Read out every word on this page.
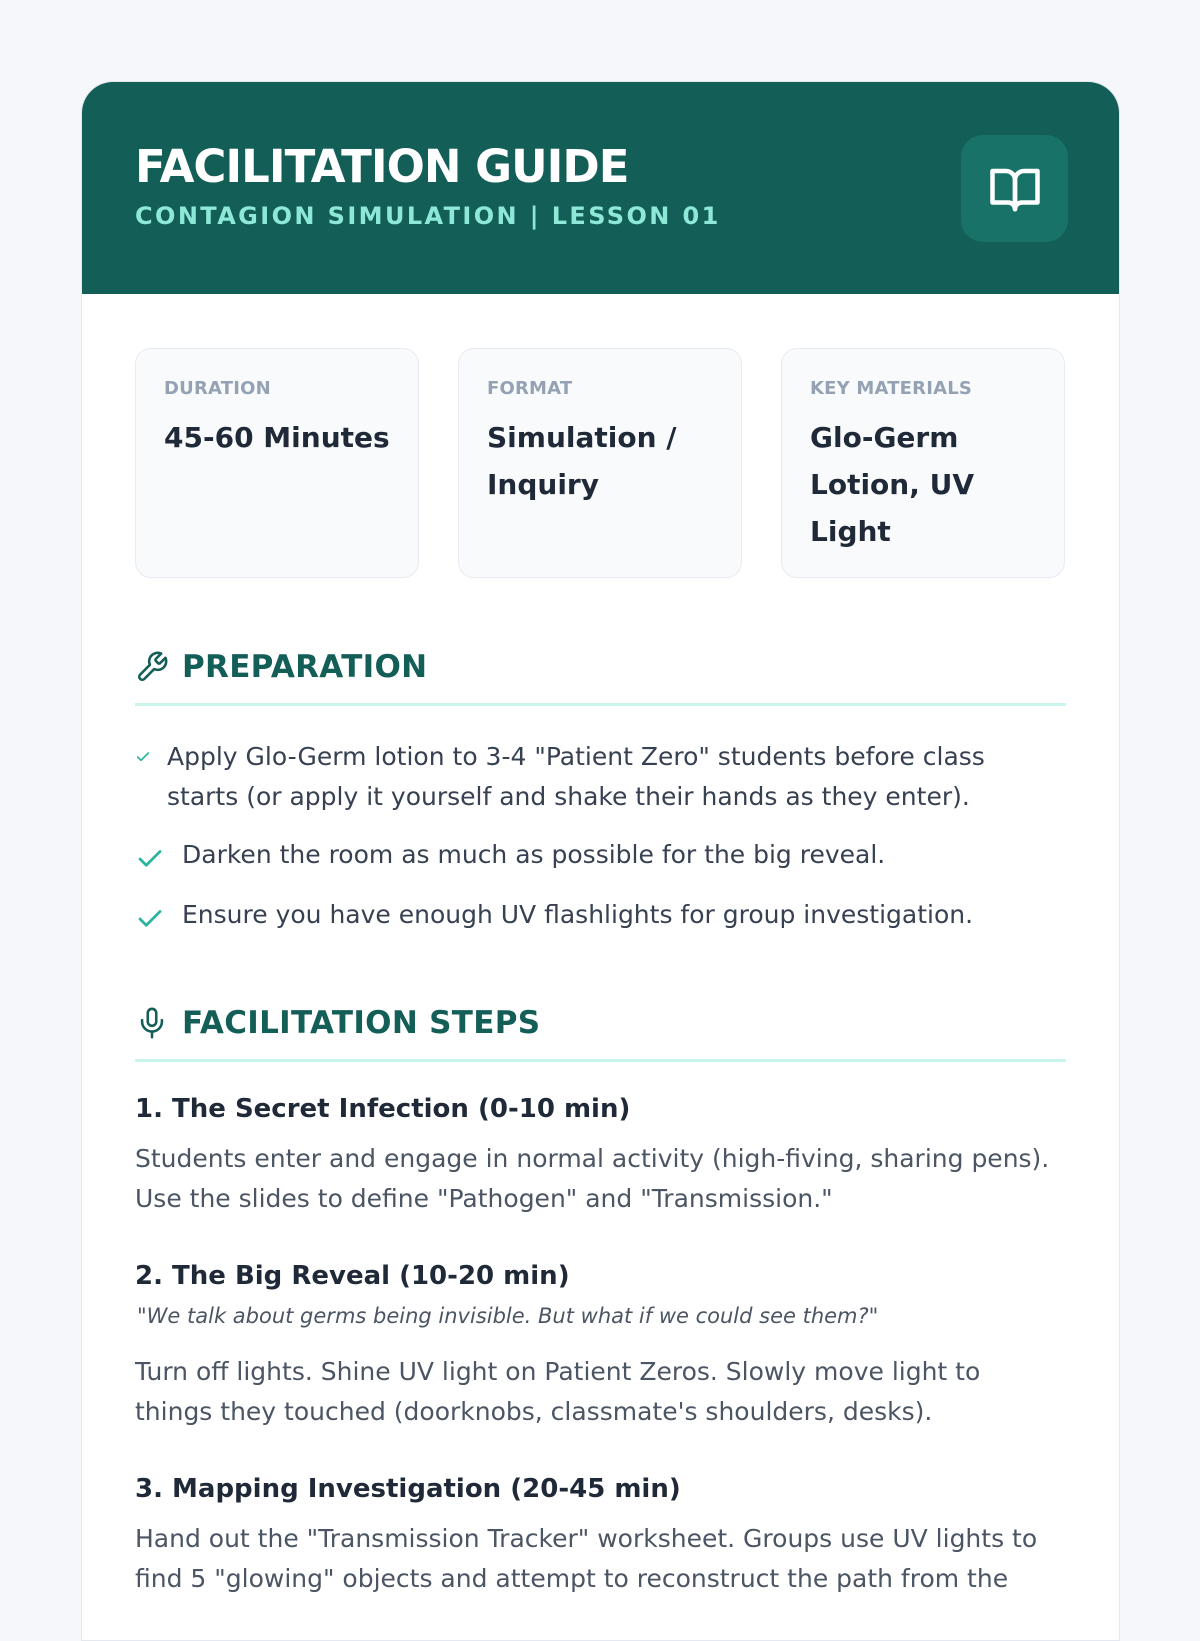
FACILITATION GUIDE
CONTAGION SIMULATION | LESSON 01
DURATION
45-60 Minutes
FORMAT
Simulation / Inquiry
KEY MATERIALS
Glo-Germ Lotion, UV Light
PREPARATION
Apply Glo-Germ lotion to 3-4 "Patient Zero" students before class starts (or apply it yourself and shake their hands as they enter).
Darken the room as much as possible for the big reveal.
Ensure you have enough UV flashlights for group investigation.
FACILITATION STEPS
1. The Secret Infection (0-10 min)
Students enter and engage in normal activity (high-fiving, sharing pens). Use the slides to define "Pathogen" and "Transmission."
2. The Big Reveal (10-20 min)
"We talk about germs being invisible. But what if we could see them?"
Turn off lights. Shine UV light on Patient Zeros. Slowly move light to things they touched (doorknobs, classmate's shoulders, desks).
3. Mapping Investigation (20-45 min)
Hand out the "Transmission Tracker" worksheet. Groups use UV lights to find 5 "glowing" objects and attempt to reconstruct the path from the
